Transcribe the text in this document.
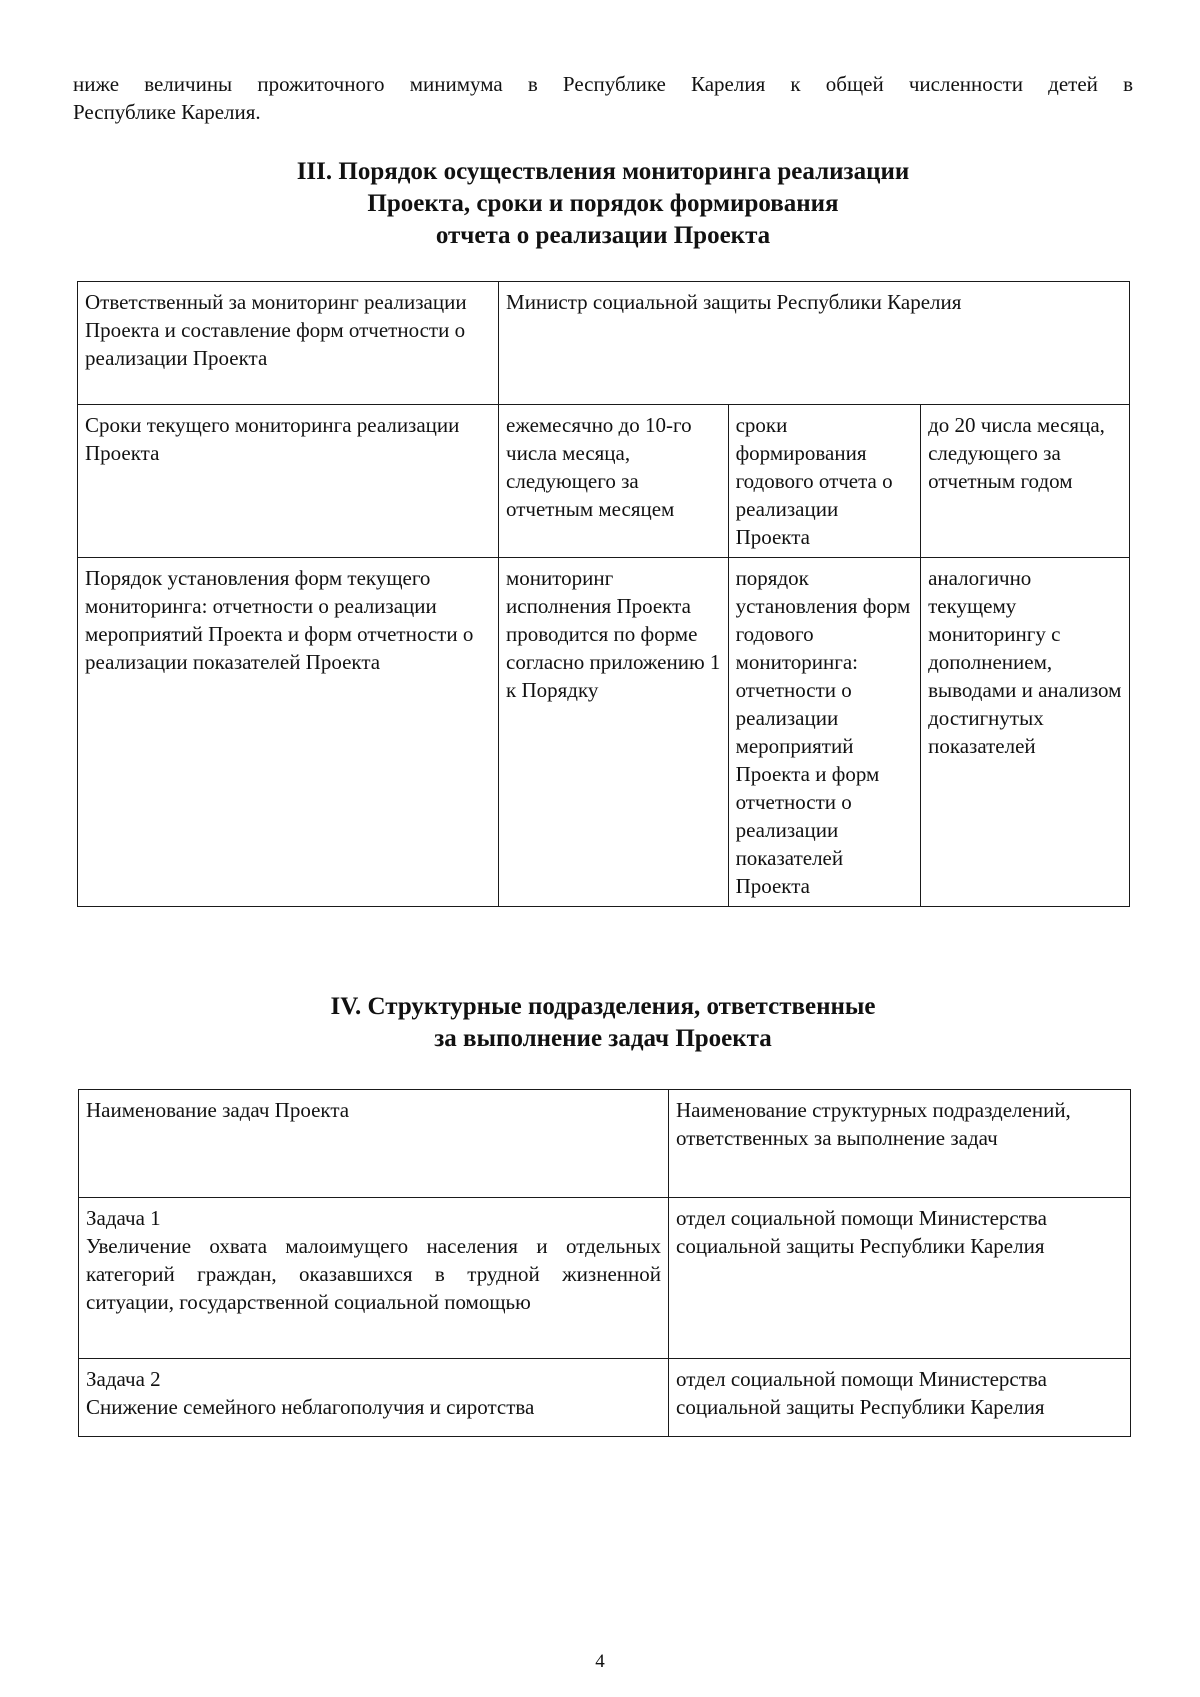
ниже величины прожиточного минимума в Республике Карелия к общей численности детей в
Республике Карелия.
III. Порядок осуществления мониторинга реализации
Проекта, сроки и порядок формирования
отчета о реализации Проекта
Ответственный за мониторинг реализации Проекта и составление форм отчетности о реализации Проекта	Министр социальной защиты Республики Карелия		
Сроки текущего мониторинга реализации Проекта	ежемесячно до 10-го числа месяца, следующего за отчетным месяцем	сроки формирования годового отчета о реализации Проекта	до 20 числа месяца, следующего за отчетным годом
Порядок установления форм текущего мониторинга: отчетности о реализации мероприятий Проекта и форм отчетности о реализации показателей Проекта	мониторинг исполнения Проекта проводится по форме согласно приложению 1 к Порядку	порядок установления форм годового мониторинга: отчетности о реализации мероприятий Проекта и форм отчетности о реализации показателей Проекта	аналогично текущему мониторингу с дополнением, выводами и анализом достигнутых показателей
IV. Структурные подразделения, ответственные
за выполнение задач Проекта
Наименование задач Проекта	Наименование структурных подразделений, ответственных за выполнение задач

Задача 1
Увеличение охвата малоимущего населения и отдельных категорий граждан, оказавшихся в трудной жизненной ситуации, государственной социальной помощью	отдел социальной помощи Министерства социальной защиты Республики Карелия

Задача 2
Снижение семейного неблагополучия и сиротства	отдел социальной помощи Министерства социальной защиты Республики Карелия
4
